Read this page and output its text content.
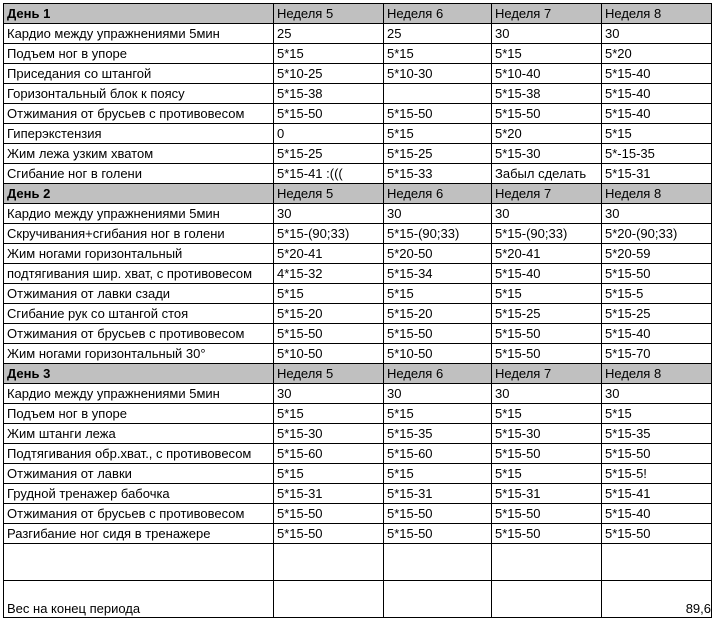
День 1	Неделя 5	Неделя 6	Неделя 7	Неделя 8
Кардио между упражнениями 5мин	25	25	30	30
Подъем ног в упоре	5*15	5*15	5*15	5*20
Приседания со штангой	5*10-25	5*10-30	5*10-40	5*15-40
Горизонтальный блок к поясу	5*15-38		5*15-38	5*15-40
Отжимания от брусьев с противовесом	5*15-50	5*15-50	5*15-50	5*15-40
Гиперэкстензия	0	5*15	5*20	5*15
Жим лежа узким хватом	5*15-25	5*15-25	5*15-30	5*-15-35
Сгибание ног в голени	5*15-41 :(((	5*15-33	Забыл сделать	5*15-31
День 2	Неделя 5	Неделя 6	Неделя 7	Неделя 8
Кардио между упражнениями 5мин	30	30	30	30
Скручивания+сгибания ног в голени	5*15-(90;33)	5*15-(90;33)	5*15-(90;33)	5*20-(90;33)
Жим ногами горизонтальный	5*20-41	5*20-50	5*20-41	5*20-59
подтягивания шир. хват, с противовесом	4*15-32	5*15-34	5*15-40	5*15-50
Отжимания от лавки сзади	5*15	5*15	5*15	5*15-5
Сгибание рук со штангой стоя	5*15-20	5*15-20	5*15-25	5*15-25
Отжимания от брусьев с противовесом	5*15-50	5*15-50	5*15-50	5*15-40
Жим ногами горизонтальный 30°	5*10-50	5*10-50	5*15-50	5*15-70
День 3	Неделя 5	Неделя 6	Неделя 7	Неделя 8
Кардио между упражнениями 5мин	30	30	30	30
Подъем ног в упоре	5*15	5*15	5*15	5*15
Жим штанги лежа	5*15-30	5*15-35	5*15-30	5*15-35
Подтягивания обр.хват., с противовесом	5*15-60	5*15-60	5*15-50	5*15-50
Отжимания от лавки	5*15	5*15	5*15	5*15-5!
Грудной тренажер бабочка	5*15-31	5*15-31	5*15-31	5*15-41
Отжимания от брусьев с противовесом	5*15-50	5*15-50	5*15-50	5*15-40
Разгибание ног сидя в тренажере	5*15-50	5*15-50	5*15-50	5*15-50

Вес на конец периода				89,6
